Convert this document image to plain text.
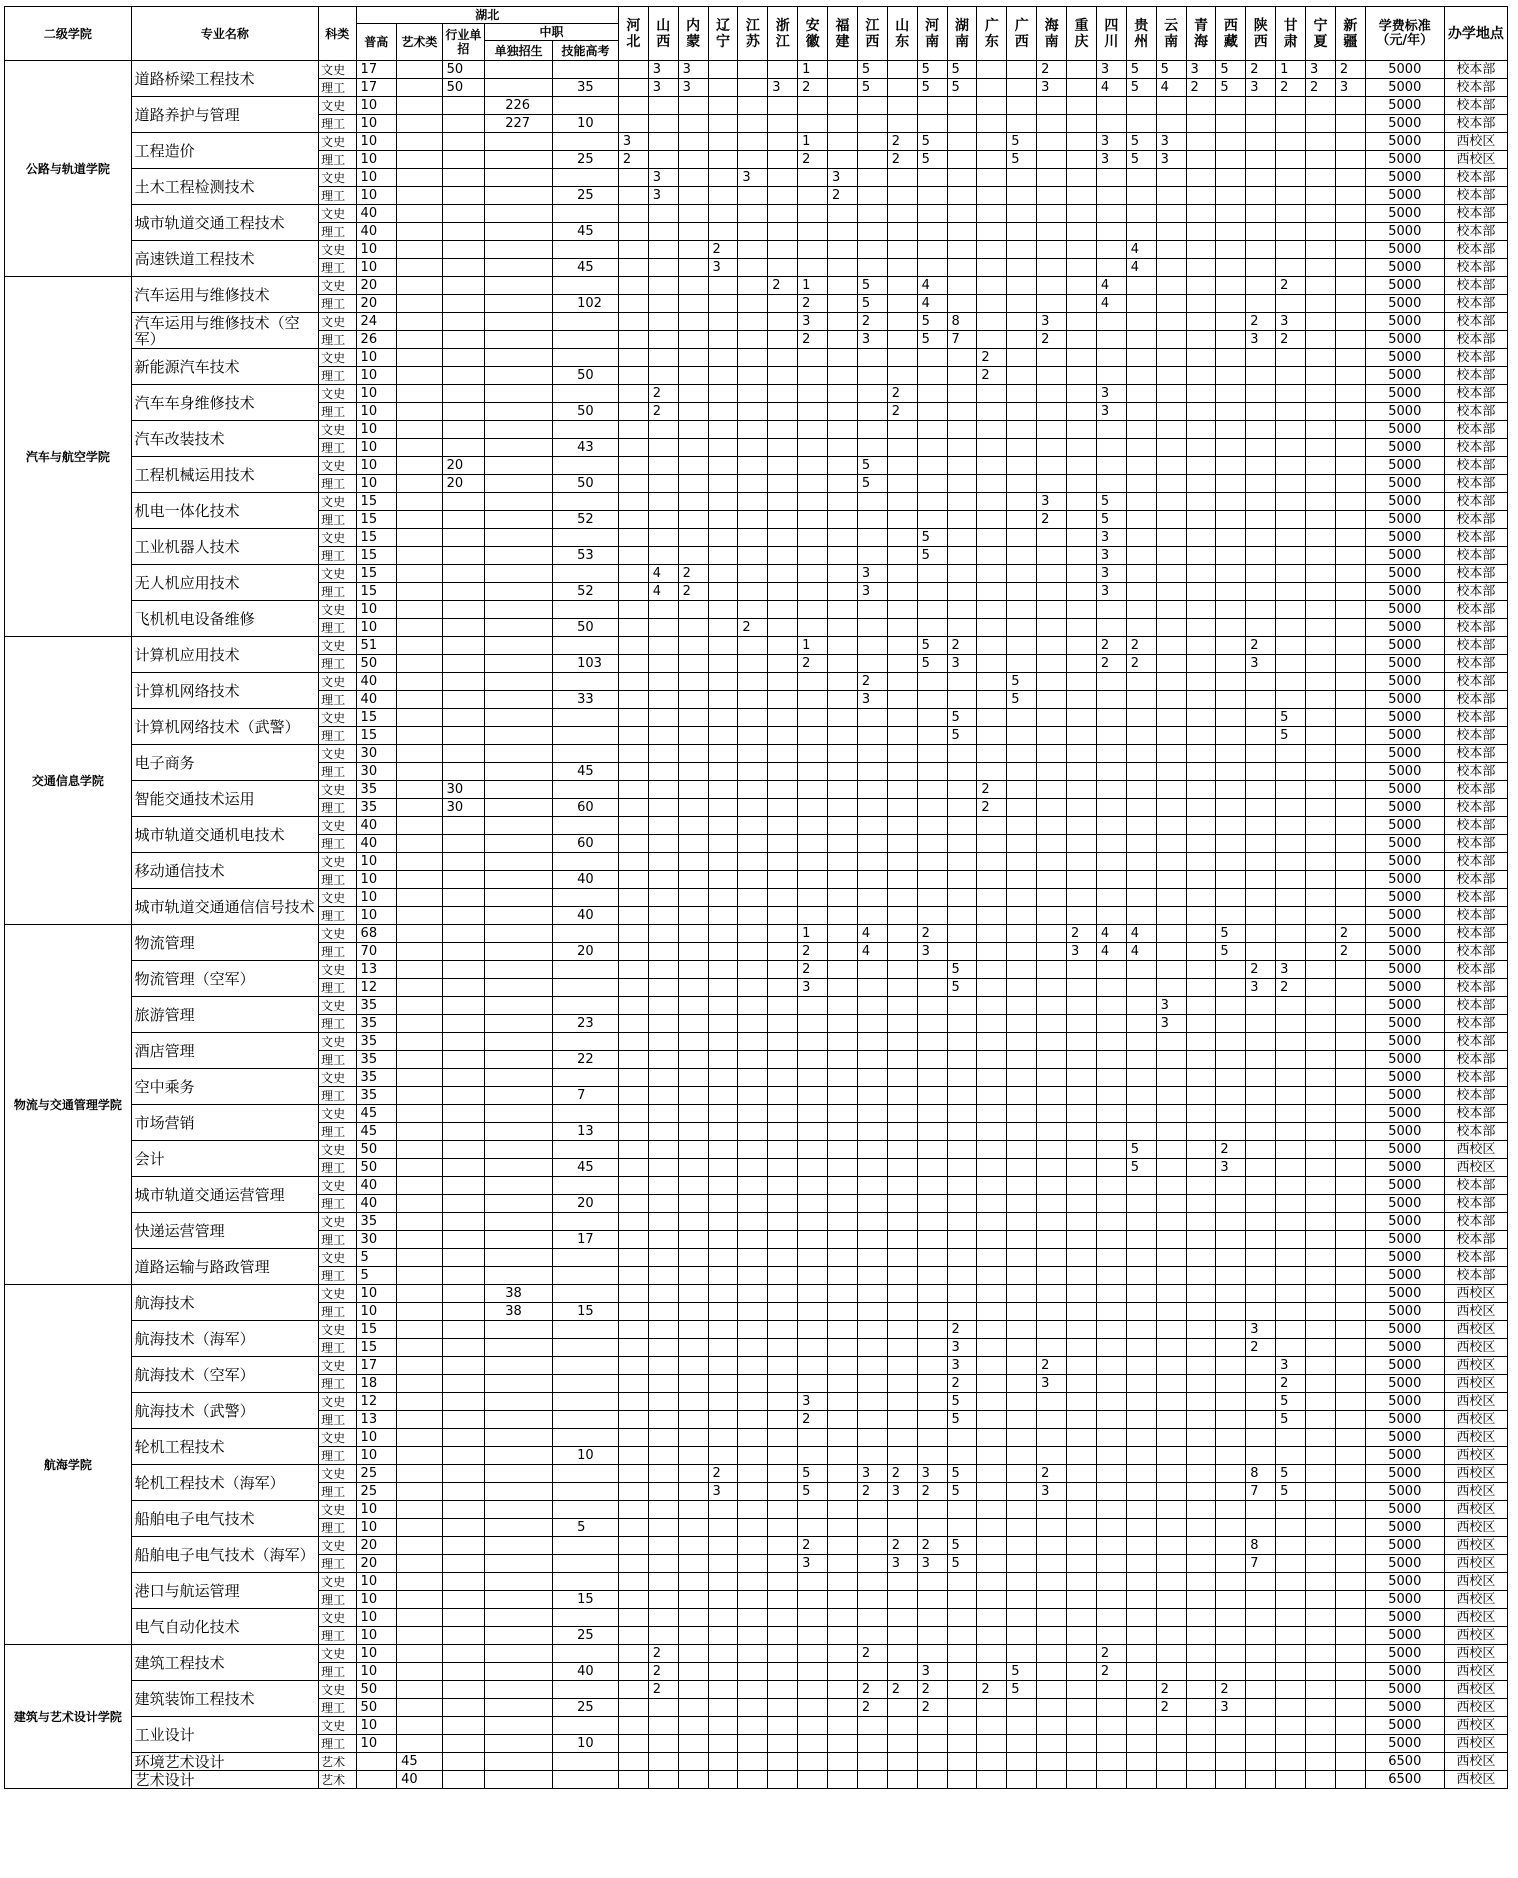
二级学院	专业名称	科类	湖北					河北	山西	内蒙	辽宁	江苏	浙江	安徽	福建	江西	山东	河南	湖南	广东	广西	海南	重庆	四川	贵州	云南	青海	西藏	陕西	甘肃	宁夏	新疆	学费标准（元/年）	办学地点
			普高	艺术类	行业单招	中职																												
						单独招生	技能高考																											
公路与轨道学院	道路桥梁工程技术	文史	17		50				3	3				1		5		5	5			2		3	5	5	3	5	2	1	3	2	5000	校本部
		理工	17		50		35		3	3			3	2		5		5	5			3		4	5	4	2	5	3	2	2	3	5000	校本部
	道路养护与管理	文史	10			226																											5000	校本部
		理工	10			227	10																										5000	校本部
	工程造价	文史	10					3						1			2	5			5			3	5	3							5000	西校区
		理工	10				25	2						2			2	5			5			3	5	3							5000	西校区
	土木工程检测技术	文史	10						3			3			3																		5000	校本部
		理工	10				25		3						2																		5000	校本部
	城市轨道交通工程技术	文史	40																														5000	校本部
		理工	40				45																										5000	校本部
	高速铁道工程技术	文史	10								2														4								5000	校本部
		理工	10				45				3														4								5000	校本部
汽车与航空学院	汽车运用与维修技术	文史	20										2	1		5		4						4						2			5000	校本部
		理工	20				102							2		5		4						4									5000	校本部
	汽车运用与维修技术（空军）	文史	24											3		2		5	8			3							2	3			5000	校本部
		理工	26											2		3		5	7			2							3	2			5000	校本部
	新能源汽车技术	文史	10																	2													5000	校本部
		理工	10				50													2													5000	校本部
	汽车车身维修技术	文史	10						2								2							3									5000	校本部
		理工	10				50		2								2							3									5000	校本部
	汽车改装技术	文史	10																														5000	校本部
		理工	10				43																										5000	校本部
	工程机械运用技术	文史	10		20											5																	5000	校本部
		理工	10		20		50									5																	5000	校本部
	机电一体化技术	文史	15																			3		5									5000	校本部
		理工	15				52															2		5									5000	校本部
	工业机器人技术	文史	15															5						3									5000	校本部
		理工	15				53											5						3									5000	校本部
	无人机应用技术	文史	15						4	2						3								3									5000	校本部
		理工	15				52		4	2						3								3									5000	校本部
	飞机机电设备维修	文史	10																														5000	校本部
		理工	10				50					2																					5000	校本部
交通信息学院	计算机应用技术	文史	51											1				5	2					2	2				2				5000	校本部
		理工	50				103							2				5	3					2	2				3				5000	校本部
	计算机网络技术	文史	40													2					5												5000	校本部
		理工	40				33									3					5												5000	校本部
	计算机网络技术（武警）	文史	15																5											5			5000	校本部
		理工	15																5											5			5000	校本部
	电子商务	文史	30																														5000	校本部
		理工	30				45																										5000	校本部
	智能交通技术运用	文史	35		30															2													5000	校本部
		理工	35		30		60													2													5000	校本部
	城市轨道交通机电技术	文史	40																														5000	校本部
		理工	40				60																										5000	校本部
	移动通信技术	文史	10																														5000	校本部
		理工	10				40																										5000	校本部
	城市轨道交通通信信号技术	文史	10																														5000	校本部
		理工	10				40																										5000	校本部
物流与交通管理学院	物流管理	文史	68											1		4		2					2	4	4			5				2	5000	校本部
		理工	70				20							2		4		3					3	4	4			5				2	5000	校本部
	物流管理（空军）	文史	13											2					5										2	3			5000	校本部
		理工	12											3					5										3	2			5000	校本部
	旅游管理	文史	35																							3							5000	校本部
		理工	35				23																			3							5000	校本部
	酒店管理	文史	35																														5000	校本部
		理工	35				22																										5000	校本部
	空中乘务	文史	35																														5000	校本部
		理工	35				7																										5000	校本部
	市场营销	文史	45																														5000	校本部
		理工	45				13																										5000	校本部
	会计	文史	50																						5			2					5000	西校区
		理工	50				45																		5			3					5000	西校区
	城市轨道交通运营管理	文史	40																														5000	校本部
		理工	40				20																										5000	校本部
	快递运营管理	文史	35																														5000	校本部
		理工	30				17																										5000	校本部
	道路运输与路政管理	文史	5																														5000	校本部
		理工	5																														5000	校本部
航海学院	航海技术	文史	10			38																											5000	西校区
		理工	10			38	15																										5000	西校区
	航海技术（海军）	文史	15																2										3				5000	西校区
		理工	15																3										2				5000	西校区
	航海技术（空军）	文史	17																3			2								3			5000	西校区
		理工	18																2			3								2			5000	西校区
	航海技术（武警）	文史	12											3					5											5			5000	西校区
		理工	13											2					5											5			5000	西校区
	轮机工程技术	文史	10																														5000	西校区
		理工	10				10																										5000	西校区
	轮机工程技术（海军）	文史	25								2			5		3	2	3	5			2							8	5			5000	西校区
		理工	25								3			5		2	3	2	5			3							7	5			5000	西校区
	船舶电子电气技术	文史	10																														5000	西校区
		理工	10				5																										5000	西校区
	船舶电子电气技术（海军）	文史	20											2			2	2	5										8				5000	西校区
		理工	20											3			3	3	5										7				5000	西校区
	港口与航运管理	文史	10																														5000	西校区
		理工	10				15																										5000	西校区
	电气自动化技术	文史	10																														5000	西校区
		理工	10				25																										5000	西校区
建筑与艺术设计学院	建筑工程技术	文史	10						2							2								2									5000	西校区
		理工	10				40		2									3			5			2									5000	西校区
	建筑装饰工程技术	文史	50						2							2	2	2		2	5					2		2					5000	西校区
		理工	50				25									2		2								2		3					5000	西校区
	工业设计	文史	10																														5000	西校区
		理工	10				10																										5000	西校区
	环境艺术设计	艺术		45																													6500	西校区
	艺术设计	艺术		40																													6500	西校区
